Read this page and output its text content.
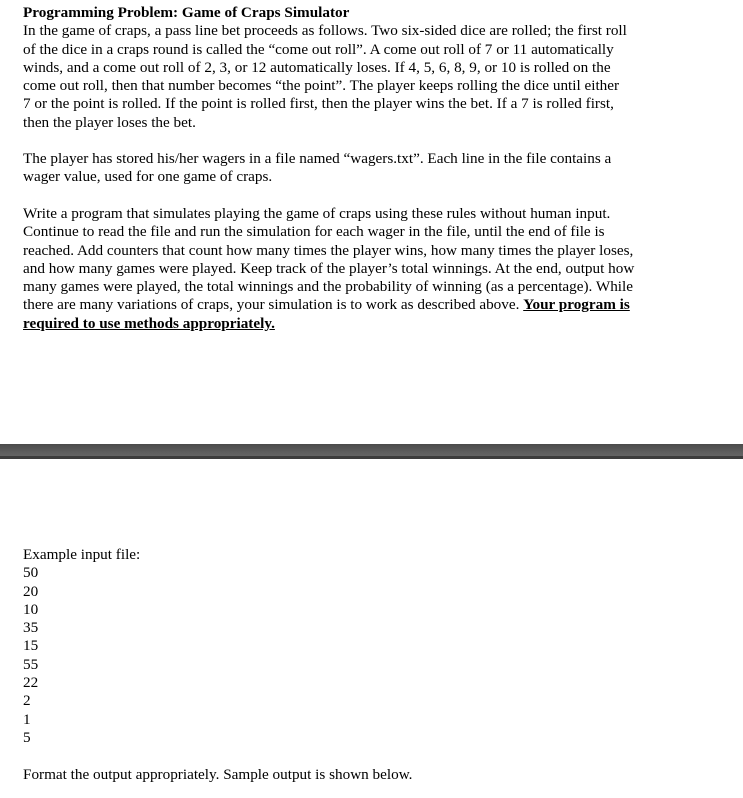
Programming Problem: Game of Craps Simulator
In the game of craps, a pass line bet proceeds as follows. Two six-sided dice are rolled; the first roll
of the dice in a craps round is called the “come out roll”. A come out roll of 7 or 11 automatically
winds, and a come out roll of 2, 3, or 12 automatically loses. If 4, 5, 6, 8, 9, or 10 is rolled on the
come out roll, then that number becomes “the point”. The player keeps rolling the dice until either
7 or the point is rolled. If the point is rolled first, then the player wins the bet. If a 7 is rolled first,
then the player loses the bet.
The player has stored his/her wagers in a file named “wagers.txt”. Each line in the file contains a
wager value, used for one game of craps.
Write a program that simulates playing the game of craps using these rules without human input.
Continue to read the file and run the simulation for each wager in the file, until the end of file is
reached. Add counters that count how many times the player wins, how many times the player loses,
and how many games were played. Keep track of the player’s total winnings. At the end, output how
many games were played, the total winnings and the probability of winning (as a percentage). While
there are many variations of craps, your simulation is to work as described above. Your program is
required to use methods appropriately.
Example input file:
50
20
10
35
15
55
22
2
1
5
Format the output appropriately. Sample output is shown below.
